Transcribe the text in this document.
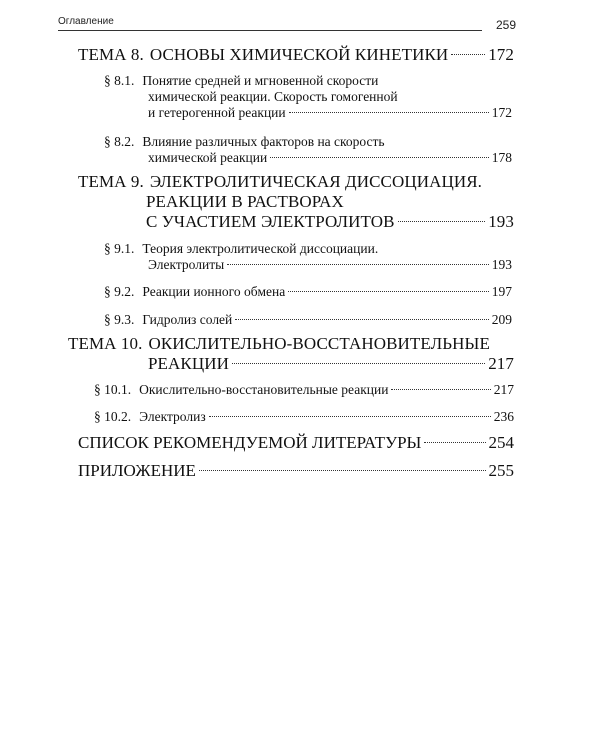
Оглавление	259
ТЕМА 8. ОСНОВЫ ХИМИЧЕСКОЙ КИНЕТИКИ 172
§ 8.1. Понятие средней и мгновенной скорости
химической реакции. Скорость гомогенной
и гетерогенной реакции	172
§ 8.2. Влияние различных факторов на скорость
химической реакции	178
ТЕМА 9. ЭЛЕКТРОЛИТИЧЕСКАЯ ДИССОЦИАЦИЯ.
РЕАКЦИИ В РАСТВОРАХ
С УЧАСТИЕМ ЭЛЕКТРОЛИТОВ	193
§ 9.1. Теория электролитической диссоциации.
Электролиты	193
§ 9.2. Реакции ионного обмена	197
§ 9.3. Гидролиз солей	209
ТЕМА 10. ОКИСЛИТЕЛЬНО-ВОССТАНОВИТЕЛЬНЫЕ
РЕАКЦИИ	217
§ 10.1. Окислительно-восстановительные реакции	217
§ 10.2. Электролиз	236
СПИСОК РЕКОМЕНДУЕМОЙ ЛИТЕРАТУРЫ	254
ПРИЛОЖЕНИЕ	255
